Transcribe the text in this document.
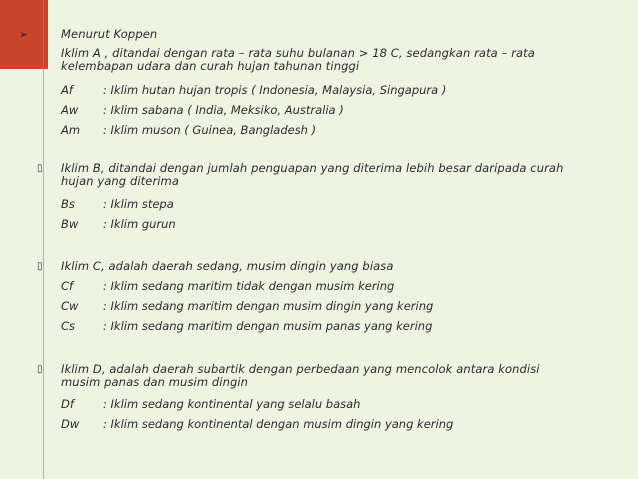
➢	Menurut Koppen
Iklim A , ditandai dengan rata – rata suhu bulanan > 18 C, sedangkan rata – rata
kelembapan udara dan curah hujan tahunan tinggi
Af	: Iklim hutan hujan tropis ( Indonesia, Malaysia, Singapura )
Aw : Iklim sabana ( India, Meksiko, Australia )
Am : Iklim muson ( Guinea, Bangladesh )
▯ Iklim B, ditandai dengan jumlah penguapan yang diterima lebih besar daripada curah
hujan yang diterima
Bs : Iklim stepa
Bw : Iklim gurun
▯ Iklim C, adalah daerah sedang, musim dingin yang biasa
Cf	: Iklim sedang maritim tidak dengan musim kering
Cw : Iklim sedang maritim dengan musim dingin yang kering
Cs : Iklim sedang maritim dengan musim panas yang kering
▯ Iklim D, adalah daerah subartik dengan perbedaan yang mencolok antara kondisi
musim panas dan musim dingin
Df	: Iklim sedang kontinental yang selalu basah
Dw : Iklim sedang kontinental dengan musim dingin yang kering
